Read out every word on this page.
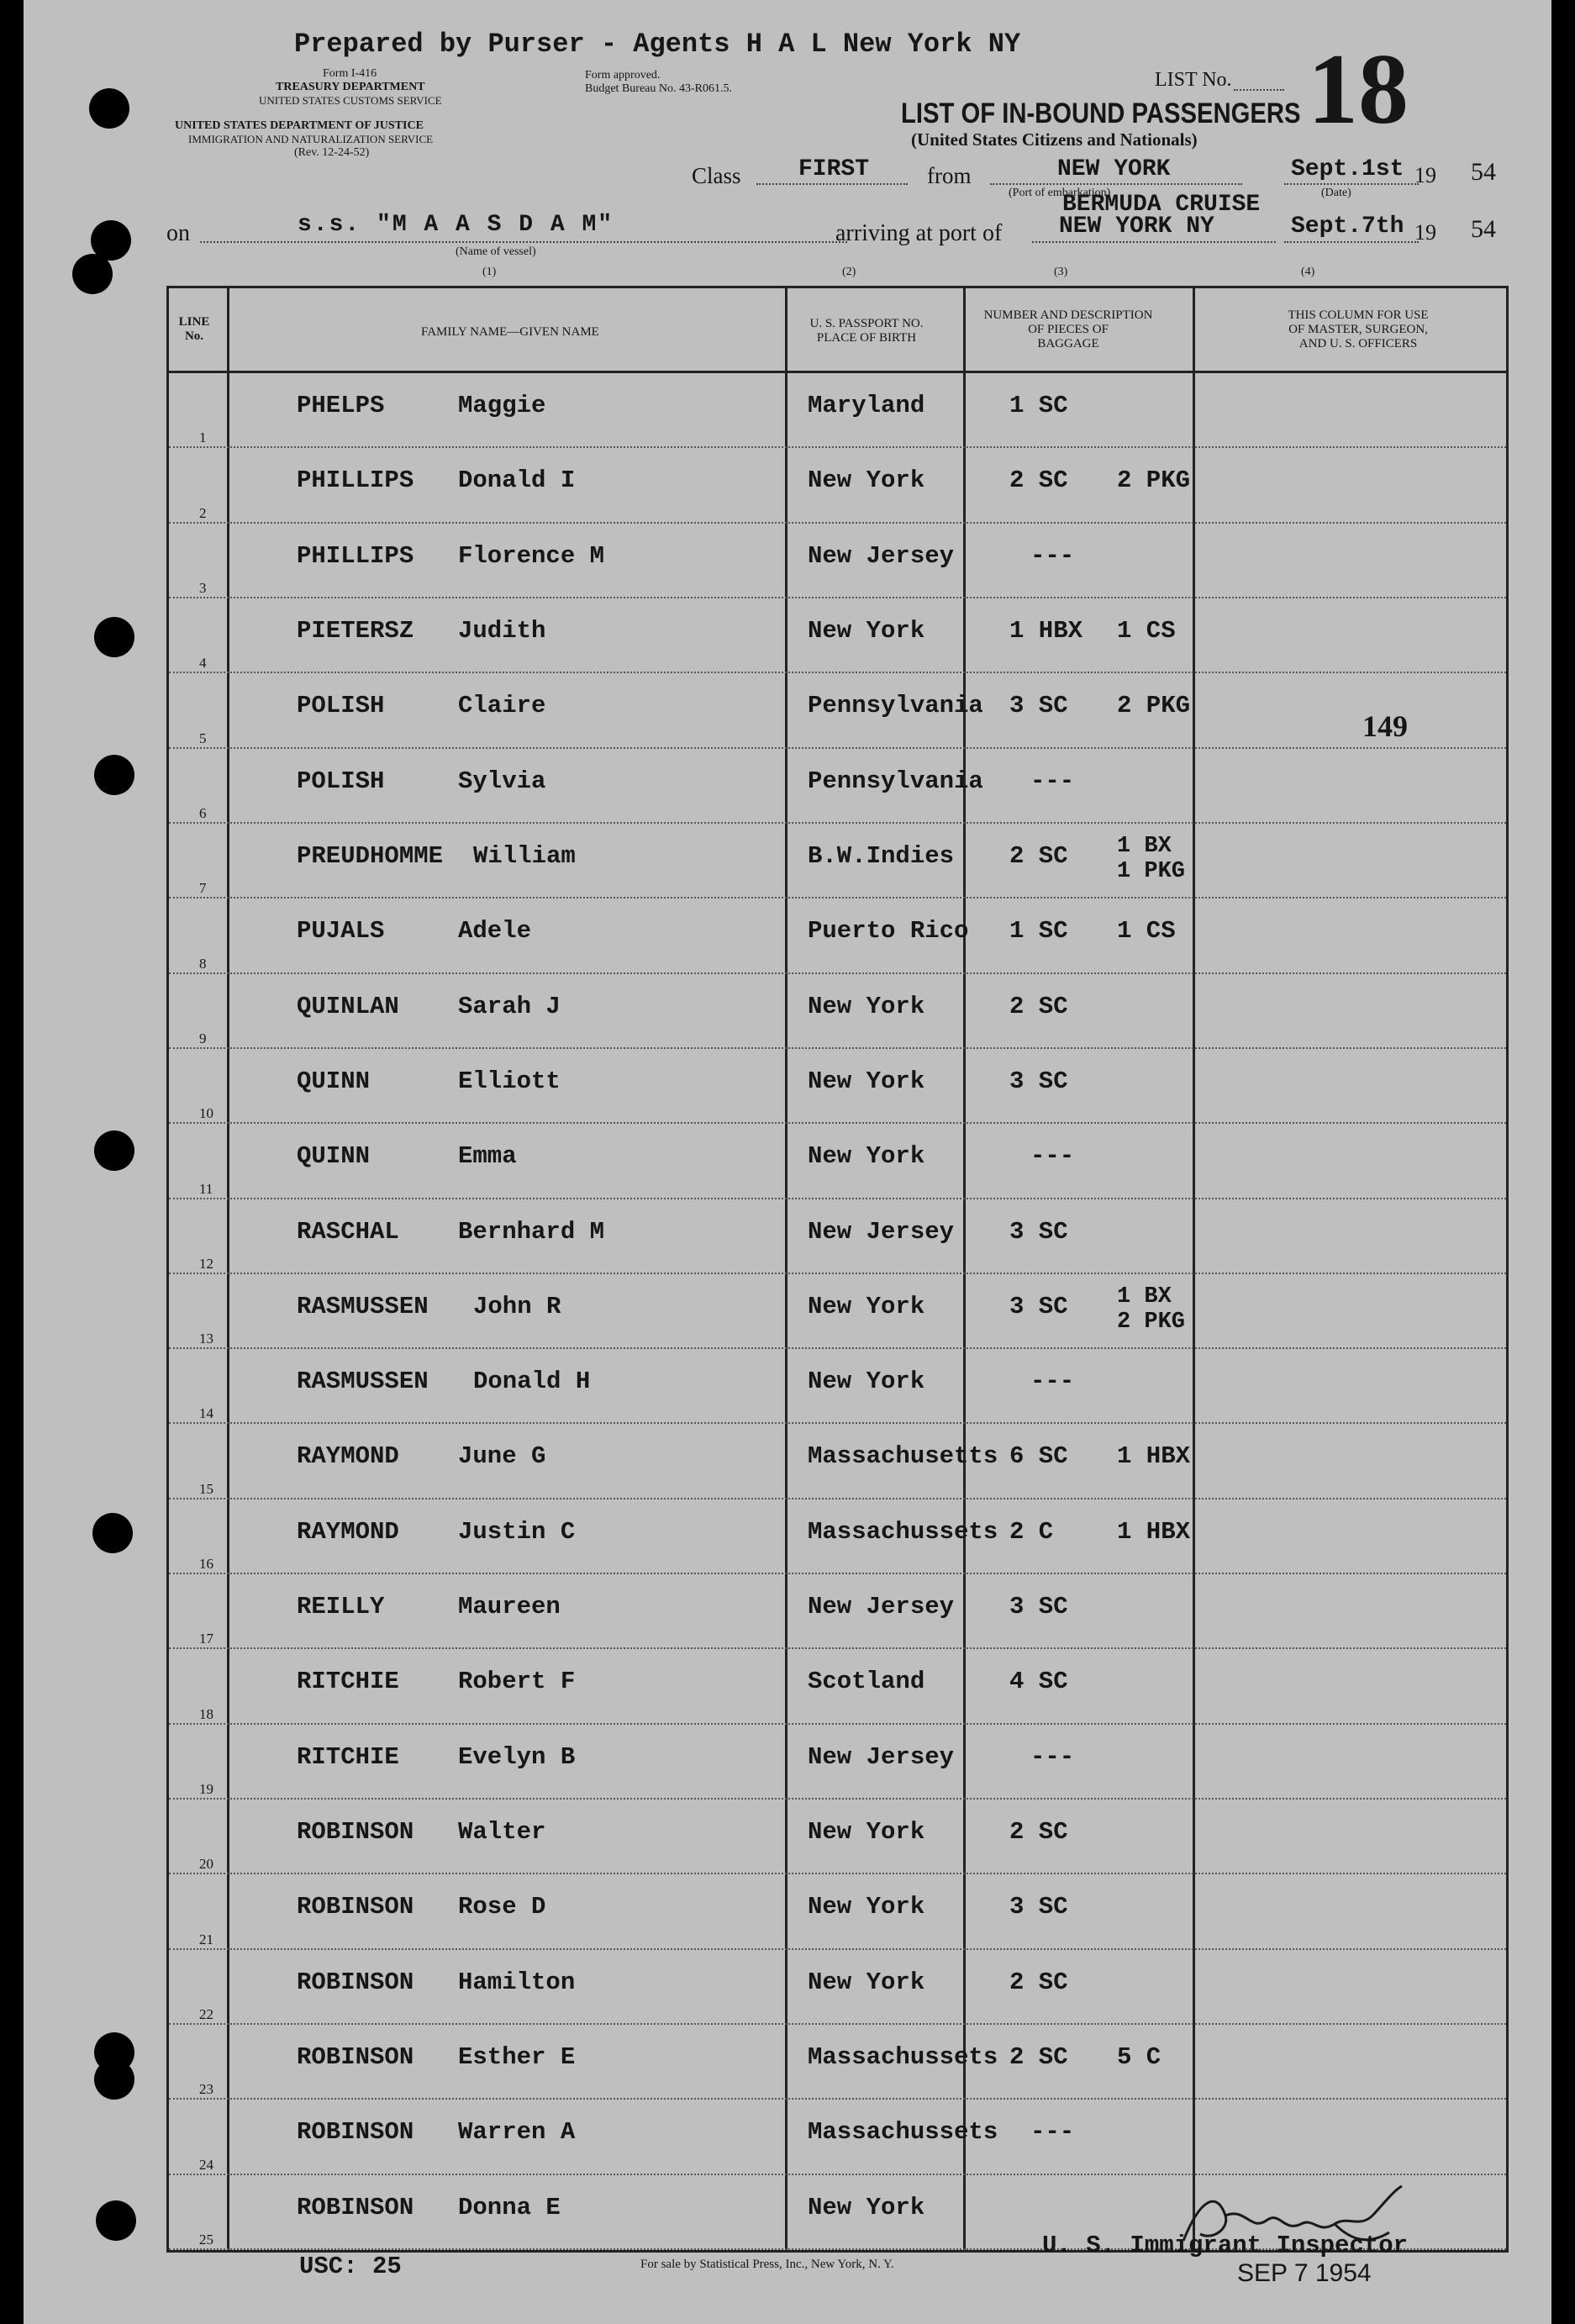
Prepared by Purser - Agents H A L New York NY
Form I-416
TREASURY DEPARTMENT
UNITED STATES CUSTOMS SERVICE
UNITED STATES DEPARTMENT OF JUSTICE
IMMIGRATION AND NATURALIZATION SERVICE
(Rev. 12-24-52)
Form approved.
Budget Bureau No. 43-R061.5.	LIST No. 18
LIST OF IN-BOUND PASSENGERS
(United States Citizens and Nationals)
Class FIRST	from	NEW YORK	Sept.1st 19 54
(Port of embarkation)	(Date)
BERMUDA CRUISE
on	s.s. "M A A S D A M"
(Name of vessel)
arriving at port of NEW YORK NY	Sept.7th 19 54
(1)	(2)	(3)	(4)
LINE
No.	FAMILY NAME—GIVEN NAME
U. S. PASSPORT NO.
PLACE OF BIRTH
NUMBER AND DESCRIPTION
OF PIECES OF
BAGGAGE
THIS COLUMN FOR USE
OF MASTER, SURGEON,
AND U. S. OFFICERS
149
1
PHELPS	Maggie	Maryland	1 SC
2
PHILLIPS Donald I	New York	2 SC 2 PKG
3
PHILLIPS Florence M	New Jersey	---
4
PIETERSZ Judith	New York	1 HBX 1 CS
5
POLISH	Claire	Pennsylvania 3 SC 2 PKG
6
POLISH	Sylvia	Pennsylvania ---
7
PREUDHOMME William	B.W.Indies 2 SC 1 BX
1 PKG
8
PUJALS	Adele	Puerto Rico 1 SC 1 CS
9
QUINLAN Sarah J	New York	2 SC
10
QUINN	Elliott	New York	3 SC
11
QUINN	Emma	New York	---
12
RASCHAL Bernhard M	New Jersey 3 SC
13
RASMUSSEN John R	New York	3 SC 1 BX
2 PKG
14
RASMUSSEN Donald H	New York	---
15
RAYMOND June G	Massachusetts 6 SC 1 HBX
16
RAYMOND Justin C	Massachussets 2 C	1 HBX
17
REILLY	Maureen	New Jersey 3 SC
18
RITCHIE Robert F	Scotland	4 SC
19
RITCHIE Evelyn B	New Jersey	---
20
ROBINSON Walter	New York	2 SC
21
ROBINSON Rose D	New York	3 SC
22
ROBINSON Hamilton	New York	2 SC
23
ROBINSON Esther E	Massachussets 2 SC 5 C
24
ROBINSON Warren A	Massachussets ---
25
ROBINSON Donna E	New York
USC: 25	For sale by Statistical Press, Inc., New York, N. Y.
U. S. Immigrant Inspector
SEP 7 1954
